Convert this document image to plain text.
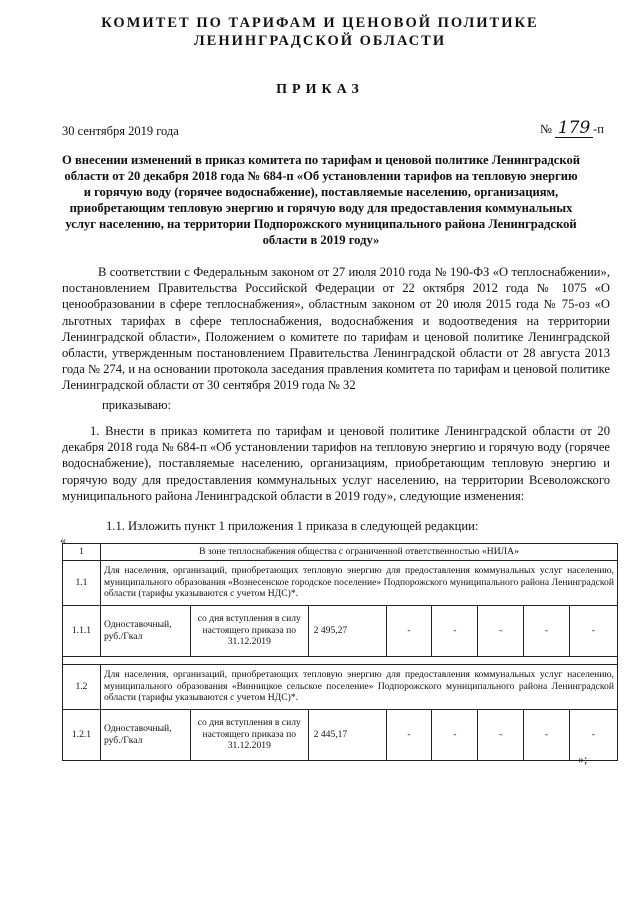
КОМИТЕТ ПО ТАРИФАМ И ЦЕНОВОЙ ПОЛИТИКЕ ЛЕНИНГРАДСКОЙ ОБЛАСТИ
ПРИКАЗ
30 сентября 2019 года	№ 179 -п
О внесении изменений в приказ комитета по тарифам и ценовой политике Ленинградской области от 20 декабря 2018 года № 684-п «Об установлении тарифов на тепловую энергию и горячую воду (горячее водоснабжение), поставляемые населению, организациям, приобретающим тепловую энергию и горячую воду для предоставления коммунальных услуг населению, на территории Подпорожского муниципального района Ленинградской области в 2019 году»
В соответствии с Федеральным законом от 27 июля 2010 года № 190-ФЗ «О теплоснабжении», постановлением Правительства Российской Федерации от 22 октября 2012 года № 1075 «О ценообразовании в сфере теплоснабжения», областным законом от 20 июля 2015 года № 75-оз «О льготных тарифах в сфере теплоснабжения, водоснабжения и водоотведения на территории Ленинградской области», Положением о комитете по тарифам и ценовой политике Ленинградской области, утвержденным постановлением Правительства Ленинградской области от 28 августа 2013 года № 274, и на основании протокола заседания правления комитета по тарифам и ценовой политике Ленинградской области от 30 сентября 2019 года № 32
приказываю:
1. Внести в приказ комитета по тарифам и ценовой политике Ленинградской области от 20 декабря 2018 года № 684-п «Об установлении тарифов на тепловую энергию и горячую воду (горячее водоснабжение), поставляемые населению, организациям, приобретающим тепловую энергию и горячую воду для предоставления коммунальных услуг населению, на территории Всеволожского муниципального района Ленинградской области в 2019 году», следующие изменения:
1.1. Изложить пункт 1 приложения 1 приказа в следующей редакции:
«
1	В зоне теплоснабжения общества с ограниченной ответственностью «НИЛА»							
1.1	Для населения, организаций, приобретающих тепловую энергию для предоставления коммунальных услуг населению, муниципального образования «Вознесенское городское поселение» Подпорожского муниципального района Ленинградской области (тарифы указываются с учетом НДС)*.							
1.1.1	Одноставочный, руб./Гкал	со дня вступления в силу настоящего приказа по 31.12.2019	2 495,27	-	-	-	-	-

1.2	Для населения, организаций, приобретающих тепловую энергию для предоставления коммунальных услуг населению, муниципального образования «Винницкое сельское поселение» Подпорожского муниципального района Ленинградской области (тарифы указываются с учетом НДС)*.							
1.2.1	Одноставочный, руб./Гкал	со дня вступления в силу настоящего приказа по 31.12.2019	2 445,17	-	-	-	-	-
»;
